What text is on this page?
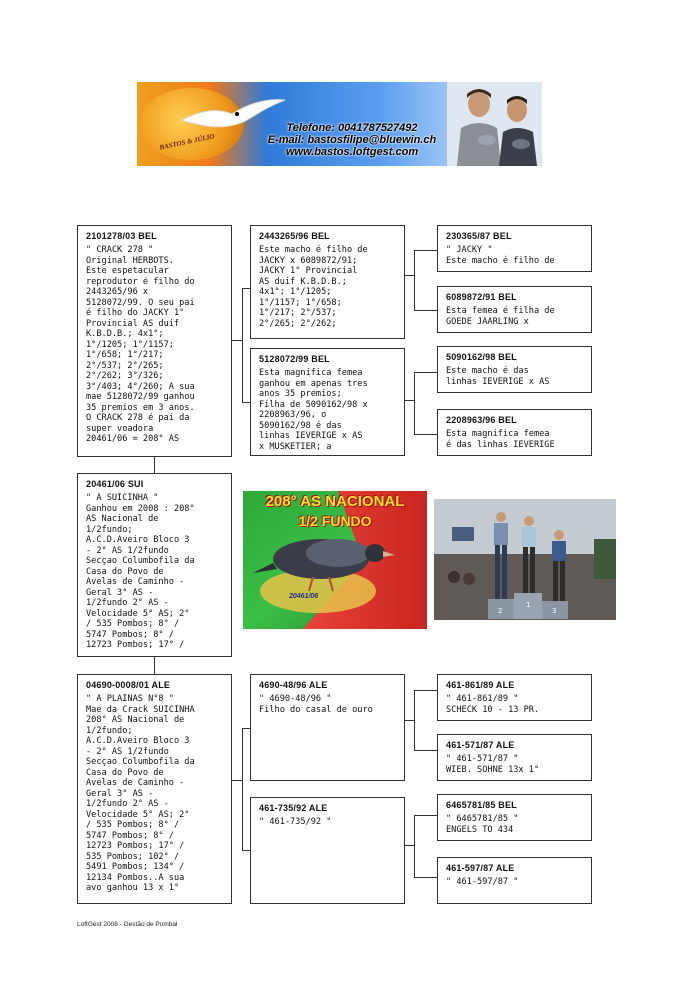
BASTOS & JÚLIO
Telefone: 0041787527492
E-mail: bastosfilipe@bluewin.ch
www.bastos.loftgest.com
2101278/03 BEL
" CRACK 278 "
Original HERBOTS.
Este espetacular
reprodutor é filho do
2443265/96 x
5128072/99. O seu pai
é filho do JACKY 1°
Provincial AS duif
K.B.D.B.; 4x1°;
1°/1205; 1°/1157;
1°/658; 1°/217;
2°/537; 2°/265;
2°/262; 3°/326;
3°/403; 4°/260; A sua
mae 5128072/99 ganhou
35 premios em 3 anos.
O CRACK 278 é pai da
super voadora
20461/06 = 208° AS
2443265/96 BEL
Este macho é filho de
JACKY x 6089872/91;
JACKY 1° Provincial
AS duif K.B.D.B.;
4x1°; 1°/1205;
1°/1157; 1°/658;
1°/217; 2°/537;
2°/265; 2°/262;
5128072/99 BEL
Esta magnifica femea
ganhou em apenas tres
anos 35 premios;
Filha de 5090162/98 x
2208963/96, o
5090162/98 é das
linhas IEVERIGE x AS
x MUSKETIER; a
230365/87 BEL
" JACKY "
Este macho é filho de
6089872/91 BEL
Esta femea é filha de
GOEDE JAARLING x
5090162/98 BEL
Este macho é das
linhas IEVERIGE x AS
2208963/96 BEL
Esta magnifica femea
é das linhas IEVERIGE
20461/06 SUI
" A SUICINHA "
Ganhou em 2008 : 208°
AS Nacional de
1/2fundo;
A.C.D.Aveiro Bloco 3
- 2° AS 1/2fundo
Secçao Columbofila da
Casa do Povo de
Avelas de Caminho -
Geral 3° AS -
1/2fundo 2° AS -
Velocidade 5° AS; 2°
/ 535 Pombos; 8° /
5747 Pombos; 8° /
12723 Pombos; 17° /
208° AS NACIONAL
1/2 FUNDO
20461/06
2
1
3
04690-0008/01 ALE
" A PLAINAS N°8 "
Mae da Crack SUICINHA
208° AS Nacional de
1/2fundo;
A.C.D.Aveiro Bloco 3
- 2° AS 1/2fundo
Secçao Columbofila da
Casa do Povo de
Avelas de Caminho -
Geral 3° AS -
1/2fundo 2° AS -
Velocidade 5° AS; 2°
/ 535 Pombos; 8° /
5747 Pombos; 8° /
12723 Pombos; 17° /
535 Pombos; 102° /
5491 Pombos; 134° /
12134 Pombos..A sua
avo ganhou 13 x 1°
4690-48/96 ALE
" 4690-48/96 "
Filho do casal de ouro
461-735/92 ALE
" 461-735/92 "
461-861/89 ALE
" 461-861/89 "
SCHECK 10 - 13 PR.
461-571/87 ALE
" 461-571/87 "
WIEB. SOHNE 13x 1°
6465781/85 BEL
" 6465781/85 "
ENGELS TO 434
461-597/87 ALE
" 461-597/87 "
LoftGest 2008 - Gestão de Pombal
